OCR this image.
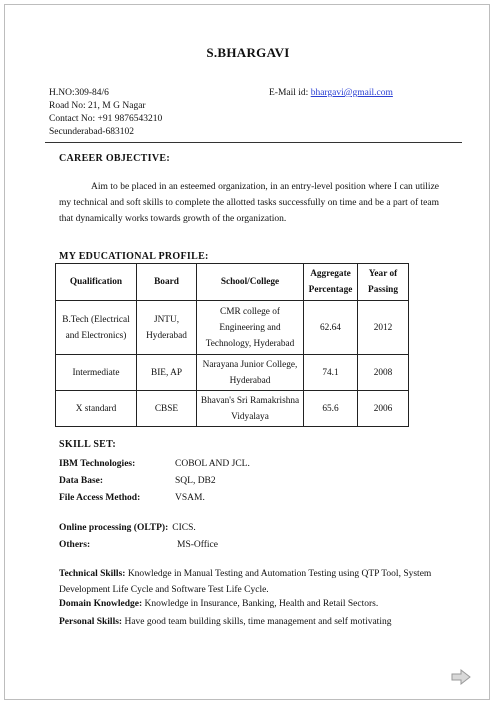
S.BHARGAVI
H.NO:309-84/6
Road No: 21, M G Nagar
Contact No: +91 9876543210
Secunderabad-683102
E-Mail id: bhargavi@gmail.com
CAREER OBJECTIVE:
Aim to be placed in an esteemed organization, in an entry-level position where I can utilize my technical and soft skills to complete the allotted tasks successfully on time and be a part of team that dynamically works towards growth of the organization.
MY EDUCATIONAL PROFILE:
Qualification	Board	School/College	Aggregate Percentage	Year of Passing
B.Tech (Electrical and Electronics)	JNTU, Hyderabad	CMR college of Engineering and Technology, Hyderabad	62.64	2012
Intermediate	BIE, AP	Narayana Junior College, Hyderabad	74.1	2008
X standard	CBSE	Bhavan's Sri Ramakrishna Vidyalaya	65.6	2006
SKILL SET:
IBM Technologies:	COBOL AND JCL.
Data Base:	SQL, DB2
File Access Method:	VSAM.
Online processing (OLTP): CICS.
Others:	MS-Office
Technical Skills: Knowledge in Manual Testing and Automation Testing using QTP Tool, System Development Life Cycle and Software Test Life Cycle.
Domain Knowledge: Knowledge in Insurance, Banking, Health and Retail Sectors.
Personal Skills: Have good team building skills, time management and self motivating
